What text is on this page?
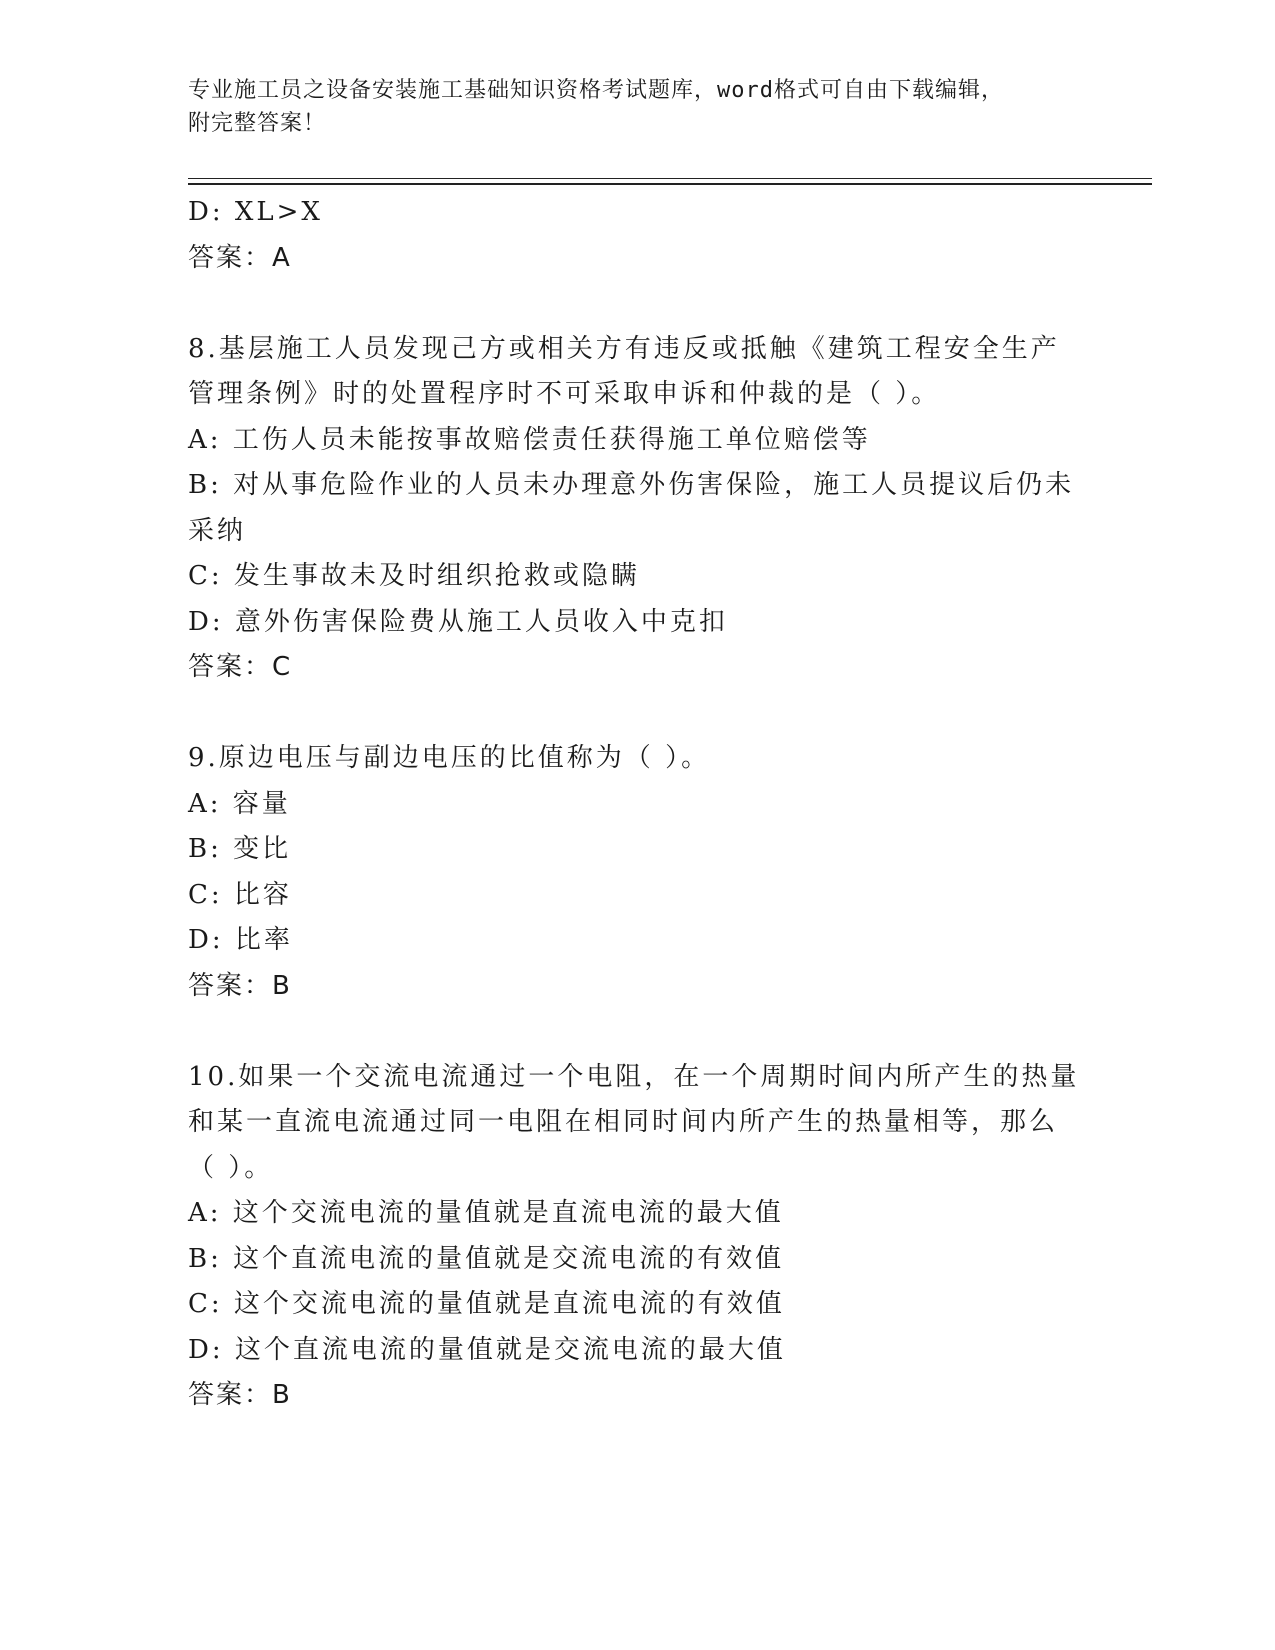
专业施工员之设备安装施工基础知识资格考试题库，word格式可自由下载编辑，
附完整答案！
D: XL>X
答案：A
8.基层施工人员发现己方或相关方有违反或抵触《建筑工程安全生产
管理条例》时的处置程序时不可采取申诉和仲裁的是（ ）。
A: 工伤人员未能按事故赔偿责任获得施工单位赔偿等
B: 对从事危险作业的人员未办理意外伤害保险，施工人员提议后仍未
采纳
C: 发生事故未及时组织抢救或隐瞒
D: 意外伤害保险费从施工人员收入中克扣
答案：C
9.原边电压与副边电压的比值称为（ ）。
A: 容量
B: 变比
C: 比容
D: 比率
答案：B
10.如果一个交流电流通过一个电阻，在一个周期时间内所产生的热量
和某一直流电流通过同一电阻在相同时间内所产生的热量相等，那么
（ ）。
A: 这个交流电流的量值就是直流电流的最大值
B: 这个直流电流的量值就是交流电流的有效值
C: 这个交流电流的量值就是直流电流的有效值
D: 这个直流电流的量值就是交流电流的最大值
答案：B
